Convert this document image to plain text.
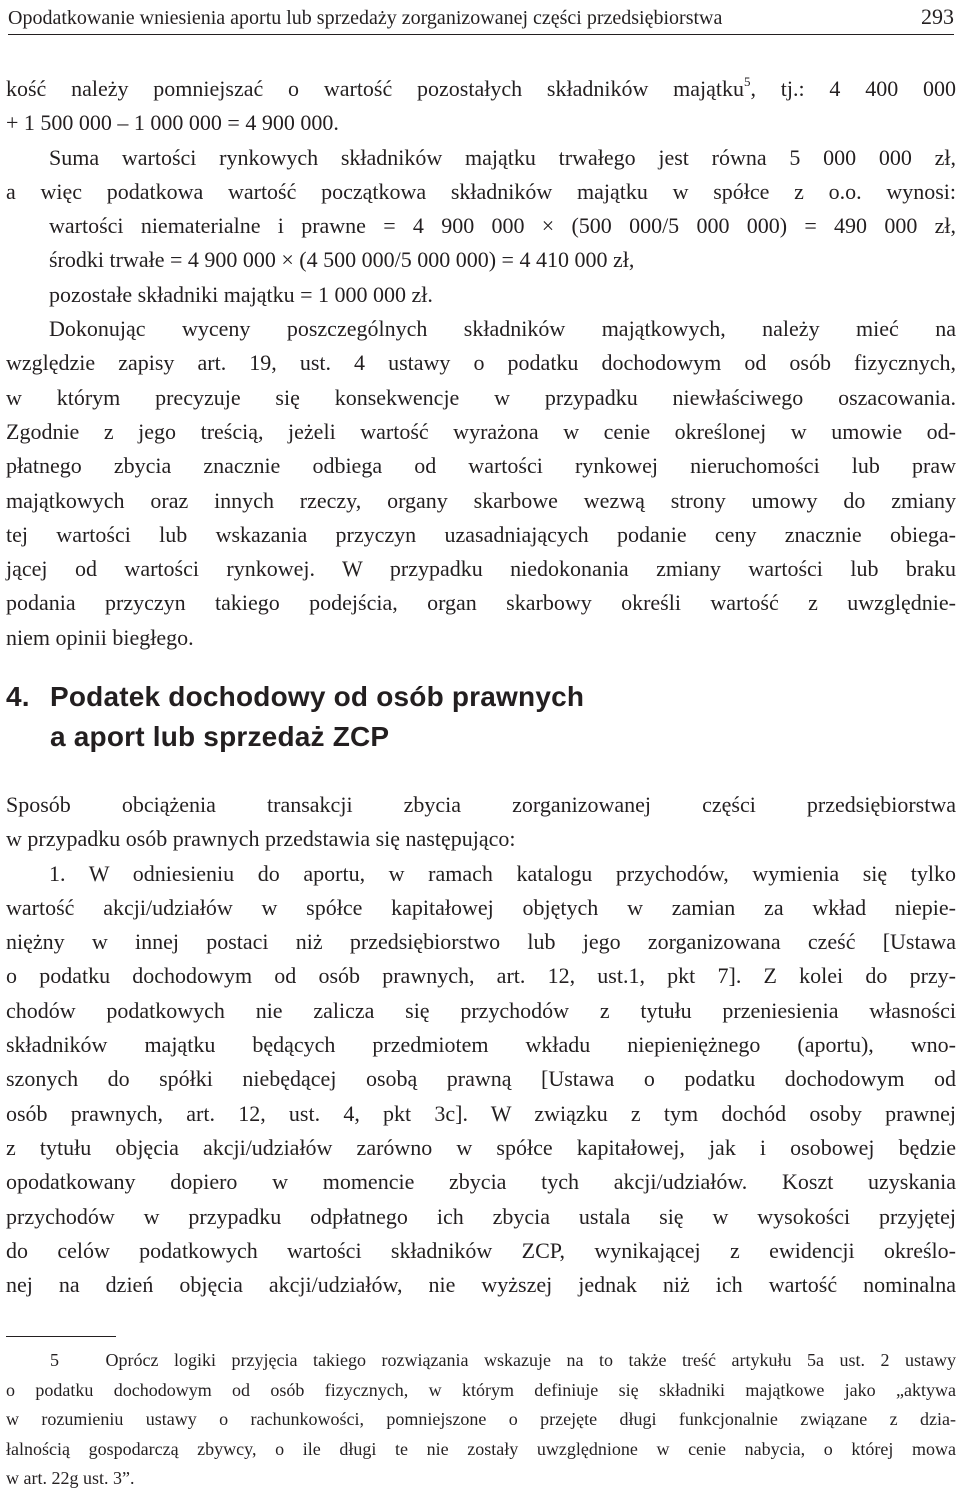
Opodatkowanie wniesienia aportu lub sprzedaży zorganizowanej części przedsiębiorstwa	293
kość należy pomniejszać o wartość pozostałych składników majątku$^5$, tj.: 4 400 000
+ 1 500 000 – 1 000 000 = 4 900 000.
Suma wartości rynkowych składników majątku trwałego jest równa 5 000 000 zł,
a więc podatkowa wartość początkowa składników majątku w spółce z o.o. wynosi:
wartości niematerialne i prawne = 4 900 000 × (500 000/5 000 000) = 490 000 zł,
środki trwałe = 4 900 000 × (4 500 000/5 000 000) = 4 410 000 zł,
pozostałe składniki majątku = 1 000 000 zł.
Dokonując wyceny poszczególnych składników majątkowych, należy mieć na
względzie zapisy art. 19, ust. 4 ustawy o podatku dochodowym od osób fizycznych,
w którym precyzuje się konsekwencje w przypadku niewłaściwego oszacowania.
Zgodnie z jego treścią, jeżeli wartość wyrażona w cenie określonej w umowie od-
płatnego zbycia znacznie odbiega od wartości rynkowej nieruchomości lub praw
majątkowych oraz innych rzeczy, organy skarbowe wezwą strony umowy do zmiany
tej wartości lub wskazania przyczyn uzasadniających podanie ceny znacznie obiega-
jącej od wartości rynkowej. W przypadku niedokonania zmiany wartości lub braku
podania przyczyn takiego podejścia, organ skarbowy określi wartość z uwzględnie-
niem opinii biegłego.
4. Podatek dochodowy od osób prawnych
a aport lub sprzedaż ZCP
Sposób obciążenia transakcji zbycia zorganizowanej części przedsiębiorstwa
w przypadku osób prawnych przedstawia się następująco:
1. W odniesieniu do aportu, w ramach katalogu przychodów, wymienia się tylko
wartość akcji/udziałów w spółce kapitałowej objętych w zamian za wkład niepie-
niężny w innej postaci niż przedsiębiorstwo lub jego zorganizowana cześć [Ustawa
o podatku dochodowym od osób prawnych, art. 12, ust.1, pkt 7]. Z kolei do przy-
chodów podatkowych nie zalicza się przychodów z tytułu przeniesienia własności
składników majątku będących przedmiotem wkładu niepieniężnego (aportu), wno-
szonych do spółki niebędącej osobą prawną [Ustawa o podatku dochodowym od
osób prawnych, art. 12, ust. 4, pkt 3c]. W związku z tym dochód osoby prawnej
z tytułu objęcia akcji/udziałów zarówno w spółce kapitałowej, jak i osobowej będzie
opodatkowany dopiero w momencie zbycia tych akcji/udziałów. Koszt uzyskania
przychodów w przypadku odpłatnego ich zbycia ustala się w wysokości przyjętej
do celów podatkowych wartości składników ZCP, wynikającej z ewidencji określo-
nej na dzień objęcia akcji/udziałów, nie wyższej jednak niż ich wartość nominalna
5	Oprócz logiki przyjęcia takiego rozwiązania wskazuje na to także treść artykułu 5a ust. 2 ustawy
o podatku dochodowym od osób fizycznych, w którym definiuje się składniki majątkowe jako „aktywa
w rozumieniu ustawy o rachunkowości, pomniejszone o przejęte długi funkcjonalnie związane z dzia-
łalnością gospodarczą zbywcy, o ile długi te nie zostały uwzględnione w cenie nabycia, o której mowa
w art. 22g ust. 3”.
